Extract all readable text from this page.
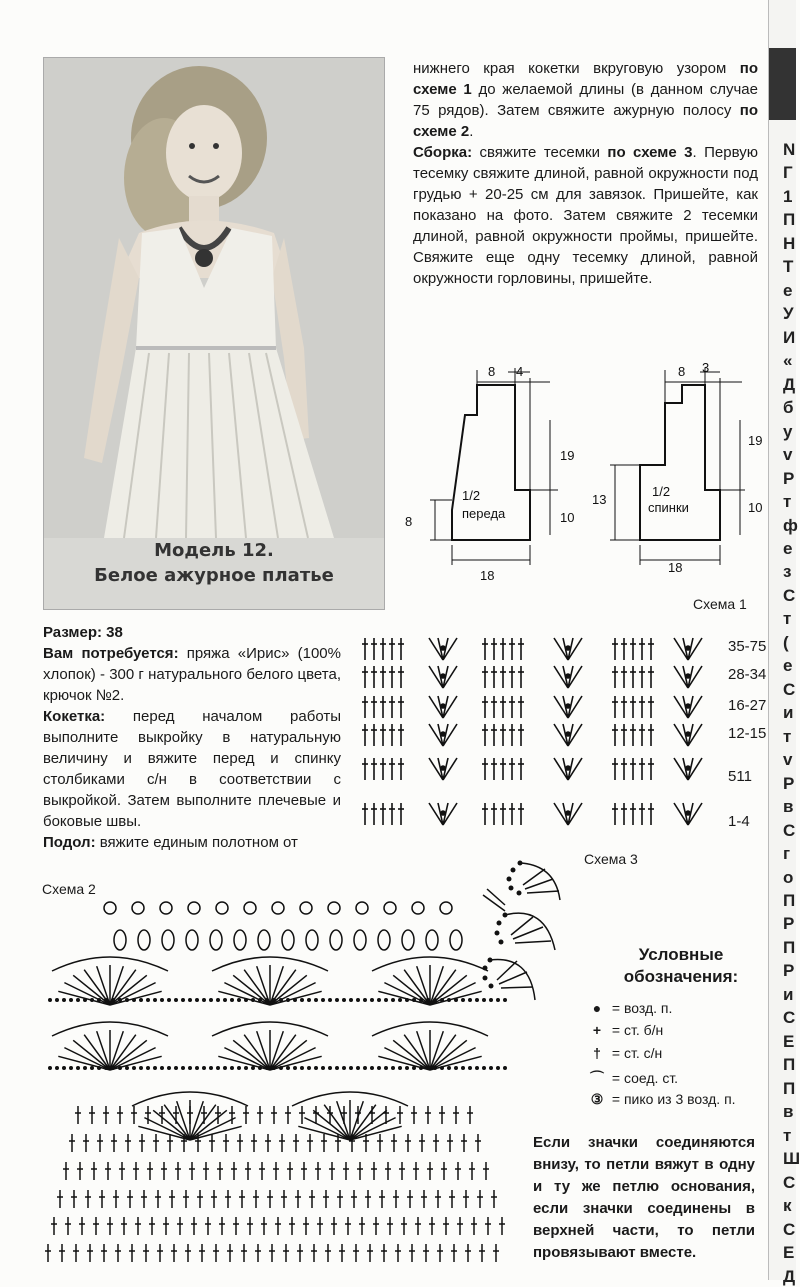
N
Г
1
П
Н
Т
е
У
И
«
Д
б
у
v
Р
т
ф
е
з
С
т
(
е
С
и
т
v
Р
в
С
г
о
П
Р
П
Р
и
С
Е
П
П
в
т
Ш
С
к
С
Е
Д
Модель 12.
Белое ажурное платье
нижнего края кокетки вкруговую узором по схеме 1 до желаемой длины (в данном случае 75 рядов). Затем свяжите ажурную полосу по схеме 2.
Сборка: свяжите тесемки по схеме 3. Первую тесемку свяжите длиной, равной окружности под грудью + 20-25 см для завязок. Пришейте, как показано на фото. Затем свяжите 2 тесемки длиной, равной окружности проймы, пришейте. Свяжите еще одну тесемку длиной, равной окружности горловины, пришейте.
1/2
переда
1/2
спинки
8 4
19
8	10
18
8 3
19
13
10
18
Схема 1
35-75
28-34
16-27
12-15
511
1-4
Размер: 38
Вам потребуется: пряжа «Ирис» (100% хлопок) - 300 г натурального белого цвета, крючок №2.
Кокетка: перед началом работы выполните выкройку в натуральную величину и вяжите перед и спинку столбиками с/н в соответствии с выкройкой. Затем выполните плечевые и боковые швы.
Подол: вяжите единым полотном от
Схема 2
Схема 3
Условные
обозначения:
● = возд. п.
+ = ст. б/н
† = ст. с/н
⌒ = соед. ст.
③ = пико из 3 возд. п.
Если значки соединяются внизу, то петли вяжут в одну и ту же петлю основания, если значки соединены в верхней части, то петли провязывают вместе.
